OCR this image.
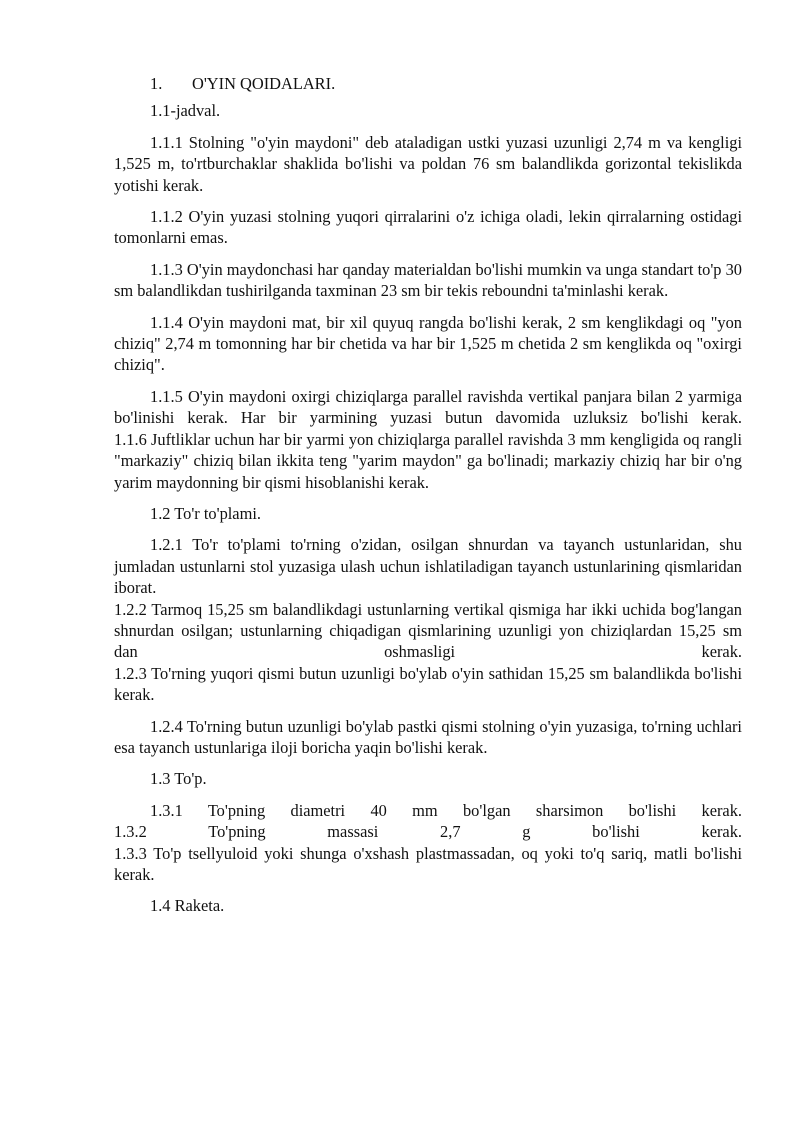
1. O'YIN QOIDALARI.

1.1-jadval.

1.1.1 Stolning "o'yin maydoni" deb ataladigan ustki yuzasi uzunligi 2,74 m va kengligi 1,525 m, to'rtburchaklar shaklida bo'lishi va poldan 76 sm balandlikda gorizontal tekislikda yotishi kerak.

1.1.2 O'yin yuzasi stolning yuqori qirralarini o'z ichiga oladi, lekin qirralarning ostidagi tomonlarni emas.

1.1.3 O'yin maydonchasi har qanday materialdan bo'lishi mumkin va unga standart to'p 30 sm balandlikdan tushirilganda taxminan 23 sm bir tekis reboundni ta'minlashi kerak.

1.1.4 O'yin maydoni mat, bir xil quyuq rangda bo'lishi kerak, 2 sm kenglikdagi oq "yon chiziq" 2,74 m tomonning har bir chetida va har bir 1,525 m chetida 2 sm kenglikda oq "oxirgi chiziq".

1.1.5 O'yin maydoni oxirgi chiziqlarga parallel ravishda vertikal panjara bilan 2 yarmiga bo'linishi kerak. Har bir yarmining yuzasi butun davomida uzluksiz bo'lishi kerak.

1.1.6 Juftliklar uchun har bir yarmi yon chiziqlarga parallel ravishda 3 mm kengligida oq rangli "markaziy" chiziq bilan ikkita teng "yarim maydon" ga bo'linadi; markaziy chiziq har bir o'ng yarim maydonning bir qismi hisoblanishi kerak.

1.2 To'r to'plami.

1.2.1 To'r to'plami to'rning o'zidan, osilgan shnurdan va tayanch ustunlaridan, shu jumladan ustunlarni stol yuzasiga ulash uchun ishlatiladigan tayanch ustunlarining qismlaridan iborat.

1.2.2 Tarmoq 15,25 sm balandlikdagi ustunlarning vertikal qismiga har ikki uchida bog'langan shnurdan osilgan; ustunlarning chiqadigan qismlarining uzunligi yon chiziqlardan 15,25 sm dan oshmasligi kerak.

1.2.3 To'rning yuqori qismi butun uzunligi bo'ylab o'yin sathidan 15,25 sm balandlikda bo'lishi kerak.

1.2.4 To'rning butun uzunligi bo'ylab pastki qismi stolning o'yin yuzasiga, to'rning uchlari esa tayanch ustunlariga iloji boricha yaqin bo'lishi kerak.

1.3 To'p.

1.3.1 To'pning diametri 40 mm bo'lgan sharsimon bo'lishi kerak.

1.3.2 To'pning massasi 2,7 g bo'lishi kerak.

1.3.3 To'p tsellyuloid yoki shunga o'xshash plastmassadan, oq yoki to'q sariq, matli bo'lishi kerak.

1.4 Raketa.
